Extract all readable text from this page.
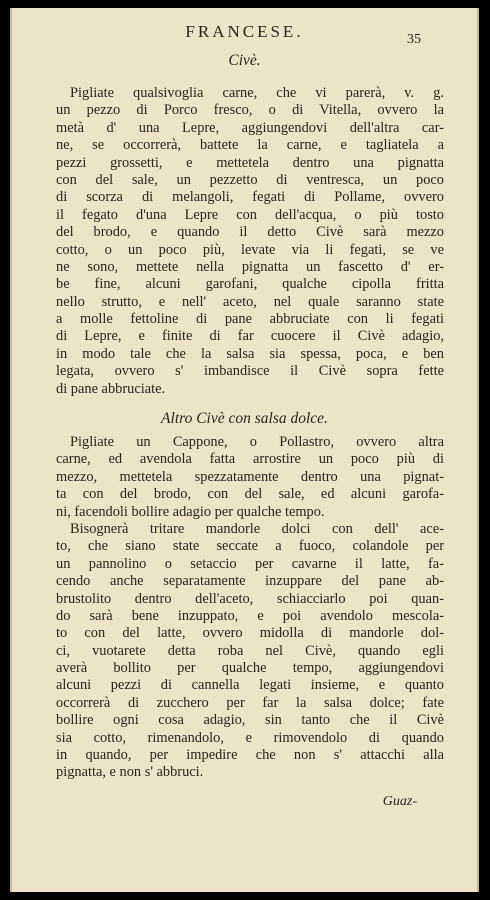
FRANCESE.	35
Civè.
Pigliate qualsivoglia carne, che vi parerà, v. g.
un pezzo di Porco fresco, o di Vitella, ovvero la
metà d' una Lepre, aggiungendovi dell'altra car-
ne, se occorrerà, battete la carne, e tagliatela a
pezzi grossetti, e mettetela dentro una pignatta
con del sale, un pezzetto di ventresca, un poco
di scorza di melangoli, fegati di Pollame, ovvero
il fegato d'una Lepre con dell'acqua, o più tosto
del brodo, e quando il detto Civè sarà mezzo
cotto, o un poco più, levate via li fegati, se ve
ne sono, mettete nella pignatta un fascetto d' er-
be fine, alcuni garofani, qualche cipolla fritta
nello strutto, e nell' aceto, nel quale saranno state
a molle fettoline di pane abbruciate con li fegati
di Lepre, e finite di far cuocere il Civè adagio,
in modo tale che la salsa sia spessa, poca, e ben
legata, ovvero s' imbandisce il Civè sopra fette
di pane abbruciate.
Altro Civè con salsa dolce.
Pigliate un Cappone, o Pollastro, ovvero altra
carne, ed avendola fatta arrostire un poco più di
mezzo, mettetela spezzatamente dentro una pignat-
ta con del brodo, con del sale, ed alcuni garofa-
ni, facendoli bollire adagio per qualche tempo.
Bisognerà tritare mandorle dolci con dell' ace-
to, che siano state seccate a fuoco, colandole per
un pannolino o setaccio per cavarne il latte, fa-
cendo anche separatamente inzuppare del pane ab-
brustolito dentro dell'aceto, schiacciarlo poi quan-
do sarà bene inzuppato, e poi avendolo mescola-
to con del latte, ovvero midolla di mandorle dol-
ci, vuotarete detta roba nel Civè, quando egli
averà bollito per qualche tempo, aggiungendovi
alcuni pezzi di cannella legati insieme, e quanto
occorrerà di zucchero per far la salsa dolce; fate
bollire ogni cosa adagio, sin tanto che il Civè
sia cotto, rimenandolo, e rimovendolo di quando
in quando, per impedire che non s' attacchi alla
pignatta, e non s' abbruci.
Guaz-
